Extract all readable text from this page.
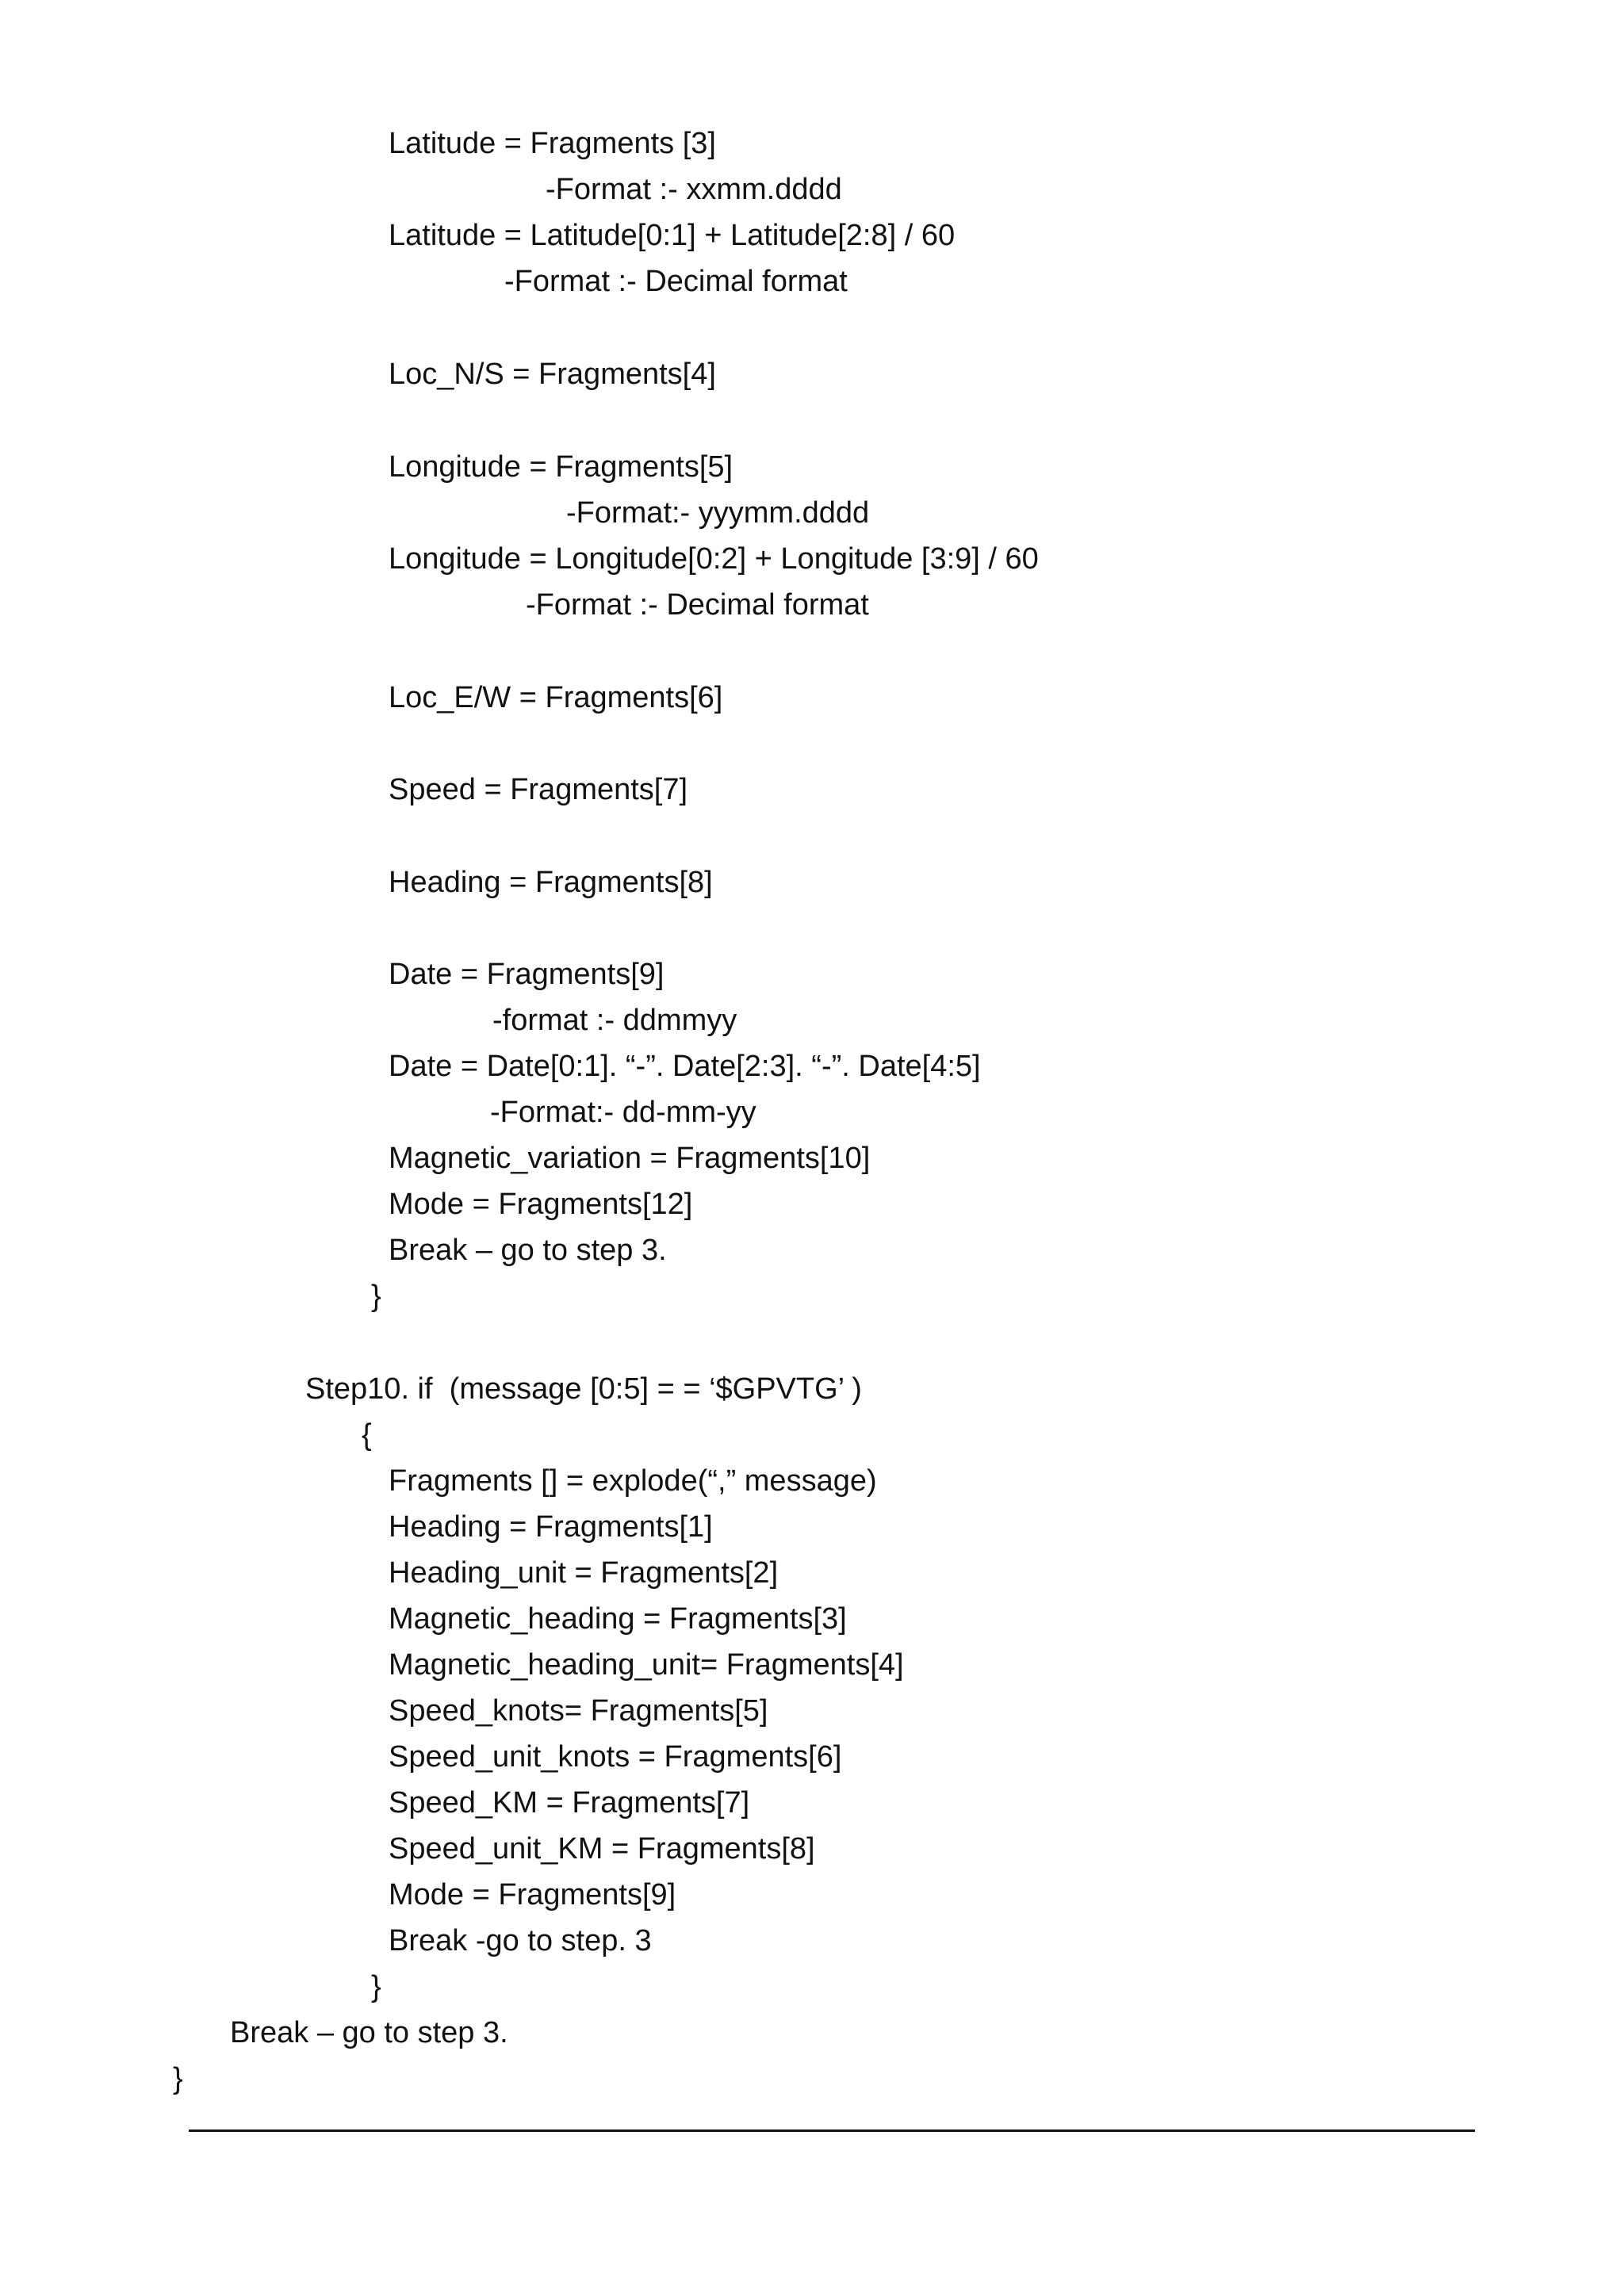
Latitude = Fragments [3]
-Format :- xxmm.dddd
Latitude = Latitude[0:1] + Latitude[2:8] / 60
-Format :- Decimal format
Loc_N/S = Fragments[4]
Longitude = Fragments[5]
-Format:- yyymm.dddd
Longitude = Longitude[0:2] + Longitude [3:9] / 60
-Format :- Decimal format
Loc_E/W = Fragments[6]
Speed = Fragments[7]
Heading = Fragments[8]
Date = Fragments[9]
-format :- ddmmyy
Date = Date[0:1]. “-”. Date[2:3]. “-”. Date[4:5]
-Format:- dd-mm-yy
Magnetic_variation = Fragments[10]
Mode = Fragments[12]
Break – go to step 3.
}
Step10. if  (message [0:5] = = ‘$GPVTG’ )
{
Fragments [] = explode(“,” message)
Heading = Fragments[1]
Heading_unit = Fragments[2]
Magnetic_heading = Fragments[3]
Magnetic_heading_unit= Fragments[4]
Speed_knots= Fragments[5]
Speed_unit_knots = Fragments[6]
Speed_KM = Fragments[7]
Speed_unit_KM = Fragments[8]
Mode = Fragments[9]
Break -go to step. 3
}
Break – go to step 3.
}
